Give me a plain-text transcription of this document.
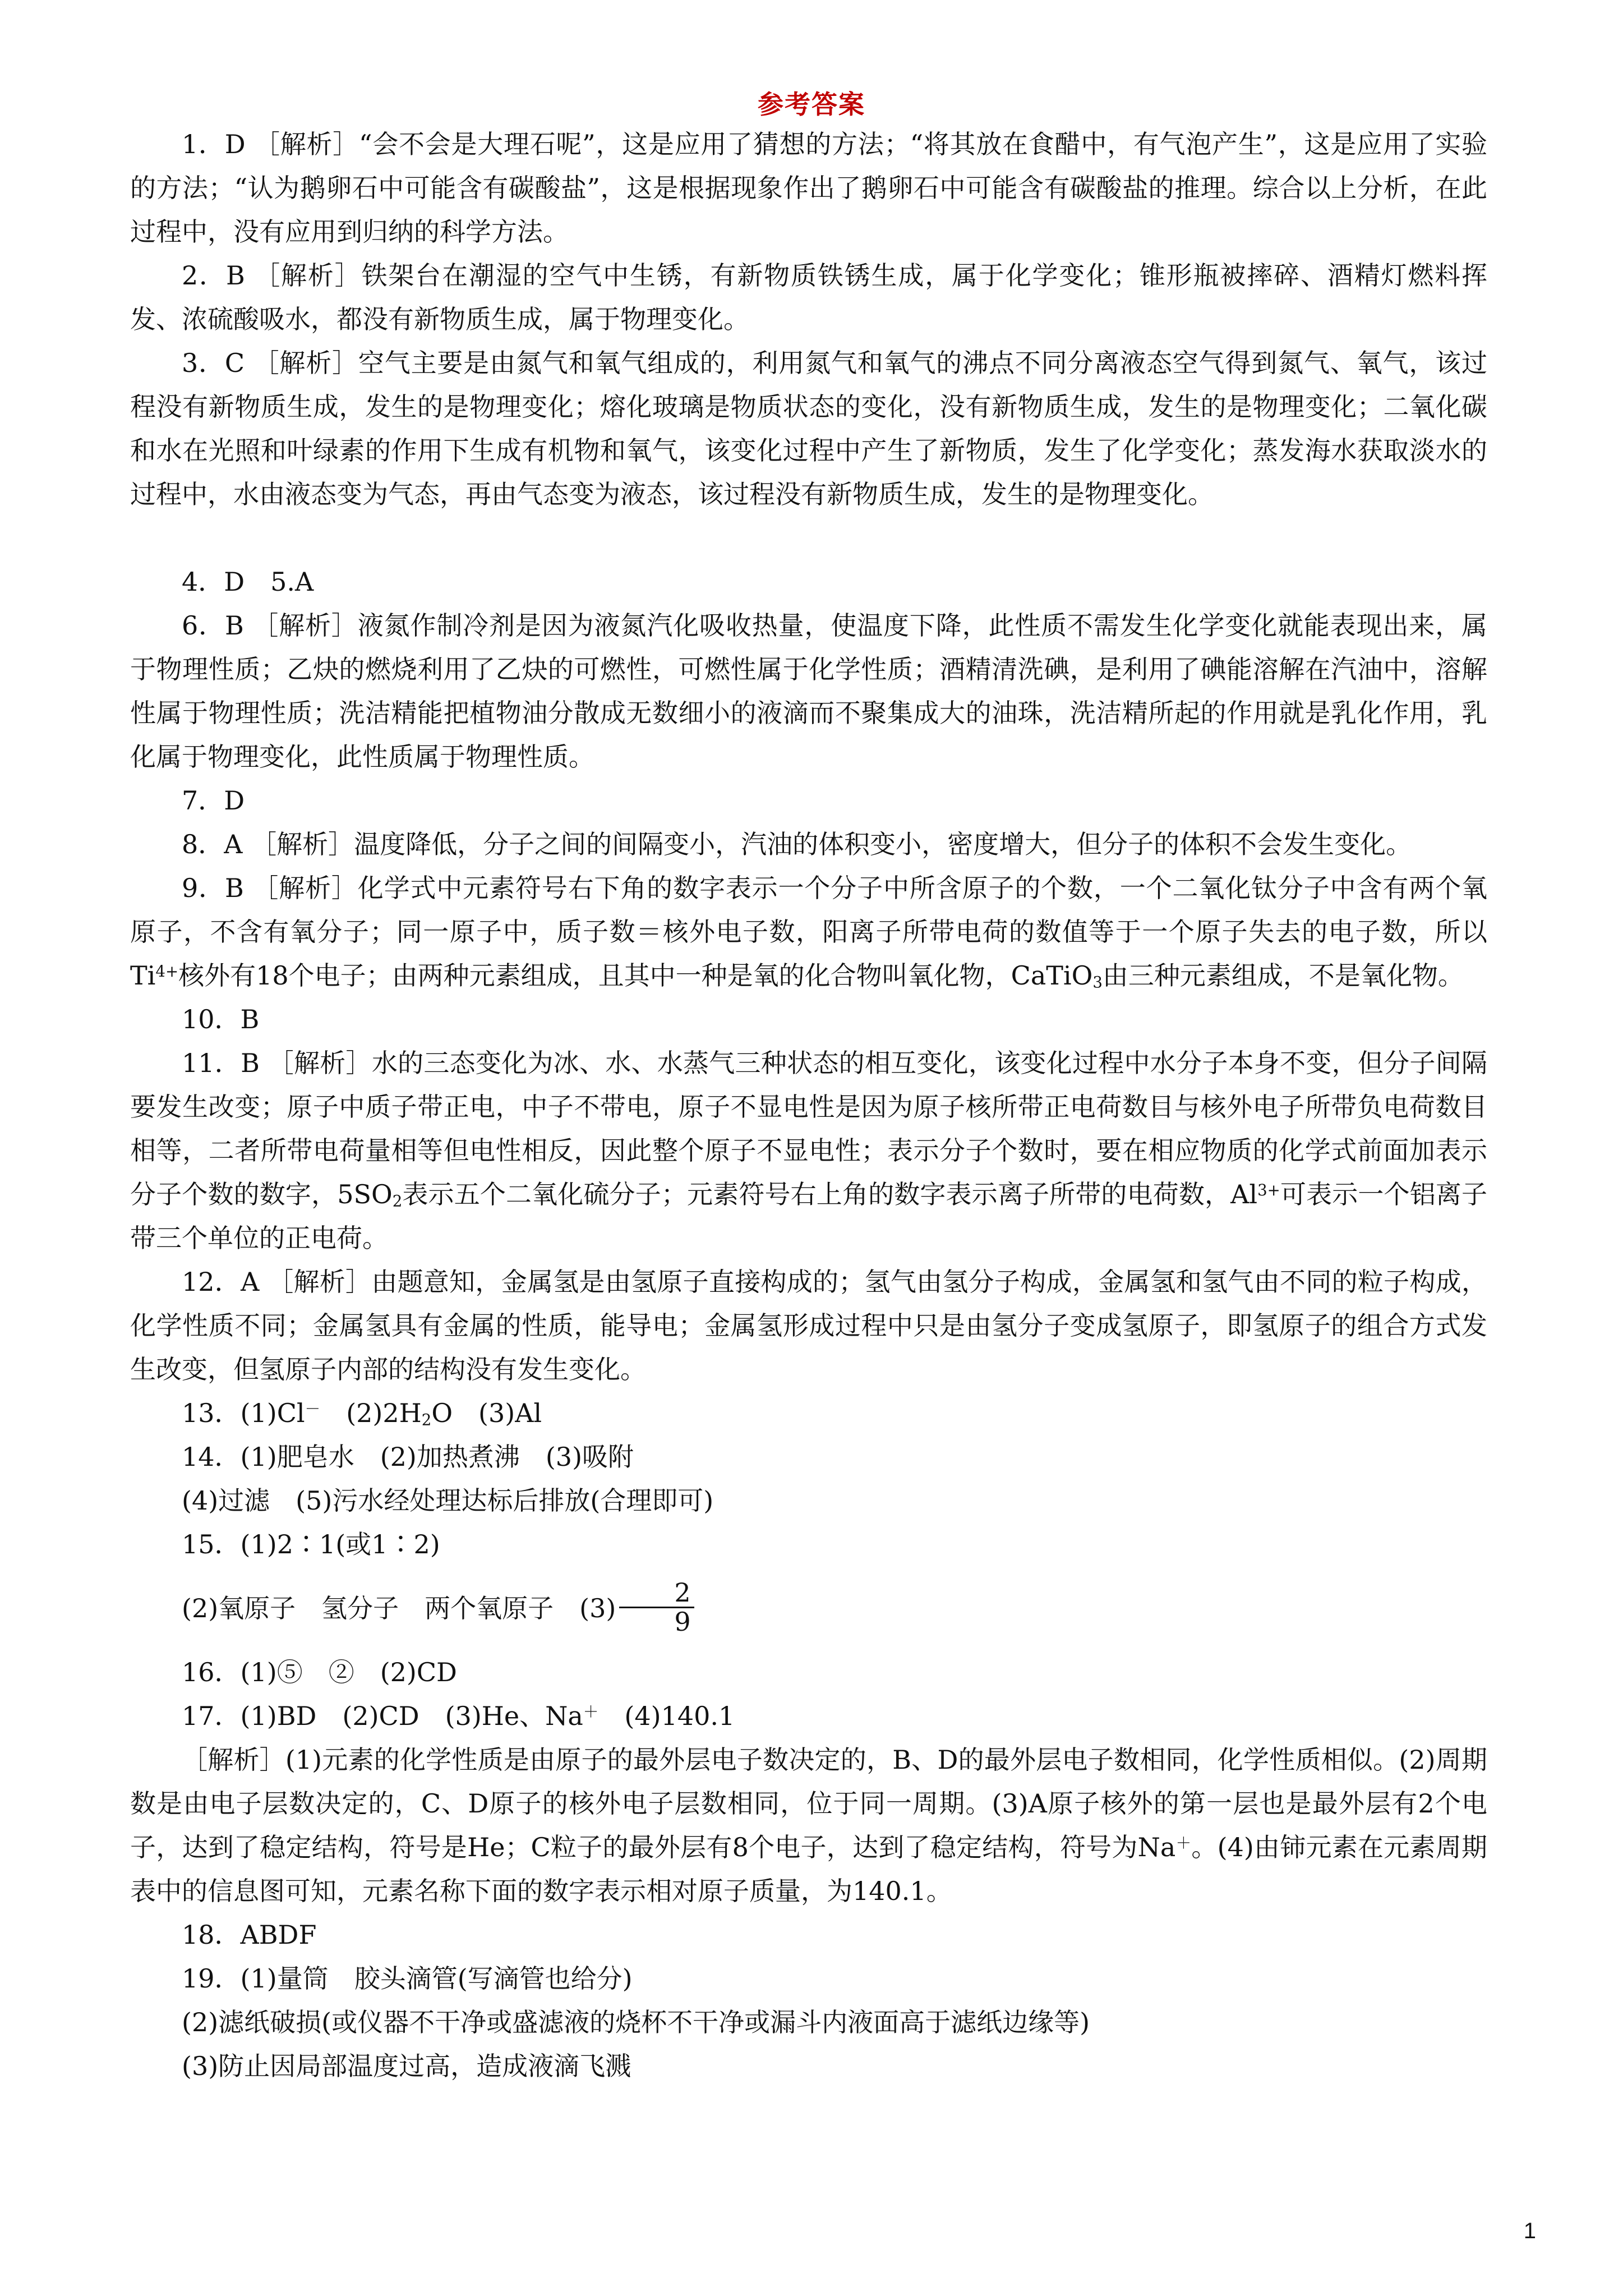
参考答案

1．D ［解析］“会不会是大理石呢”，这是应用了猜想的方法；“将其放在食醋中，有气泡产生”，这是应用了实验的方法；“认为鹅卵石中可能含有碳酸盐”，这是根据现象作出了鹅卵石中可能含有碳酸盐的推理。综合以上分析，在此过程中，没有应用到归纳的科学方法。

2．B ［解析］铁架台在潮湿的空气中生锈，有新物质铁锈生成，属于化学变化；锥形瓶被摔碎、酒精灯燃料挥发、浓硫酸吸水，都没有新物质生成，属于物理变化。

3．C ［解析］空气主要是由氮气和氧气组成的，利用氮气和氧气的沸点不同分离液态空气得到氮气、氧气，该过程没有新物质生成，发生的是物理变化；熔化玻璃是物质状态的变化，没有新物质生成，发生的是物理变化；二氧化碳和水在光照和叶绿素的作用下生成有机物和氧气，该变化过程中产生了新物质，发生了化学变化；蒸发海水获取淡水的过程中，水由液态变为气态，再由气态变为液态，该过程没有新物质生成，发生的是物理变化。

4．D　5.A

6．B ［解析］液氮作制冷剂是因为液氮汽化吸收热量，使温度下降，此性质不需发生化学变化就能表现出来，属于物理性质；乙炔的燃烧利用了乙炔的可燃性，可燃性属于化学性质；酒精清洗碘，是利用了碘能溶解在汽油中，溶解性属于物理性质；洗洁精能把植物油分散成无数细小的液滴而不聚集成大的油珠，洗洁精所起的作用就是乳化作用，乳化属于物理变化，此性质属于物理性质。

7．D

8．A ［解析］温度降低，分子之间的间隔变小，汽油的体积变小，密度增大，但分子的体积不会发生变化。

9．B ［解析］化学式中元素符号右下角的数字表示一个分子中所含原子的个数，一个二氧化钛分子中含有两个氧原子，不含有氧分子；同一原子中，质子数＝核外电子数，阳离子所带电荷的数值等于一个原子失去的电子数，所以$Ti^{4+}$核外有18个电子；由两种元素组成，且其中一种是氧的化合物叫氧化物，CaTiO$_3$由三种元素组成，不是氧化物。

10．B

11．B ［解析］水的三态变化为冰、水、水蒸气三种状态的相互变化，该变化过程中水分子本身不变，但分子间隔要发生改变；原子中质子带正电，中子不带电，原子不显电性是因为原子核所带正电荷数目与核外电子所带负电荷数目相等，二者所带电荷量相等但电性相反，因此整个原子不显电性；表示分子个数时，要在相应物质的化学式前面加表示分子个数的数字，$5SO_2$表示五个二氧化硫分子；元素符号右上角的数字表示离子所带的电荷数，$Al^{3+}$可表示一个铝离子带三个单位的正电荷。

12．A ［解析］由题意知，金属氢是由氢原子直接构成的；氢气由氢分子构成，金属氢和氢气由不同的粒子构成，化学性质不同；金属氢具有金属的性质，能导电；金属氢形成过程中只是由氢分子变成氢原子，即氢原子的组合方式发生改变，但氢原子内部的结构没有发生变化。

13．(1)Cl－　$(2)2H_2O$　(3)Al

14．(1)肥皂水　(2)加热煮沸　(3)吸附

(4)过滤　(5)污水经处理达标后排放(合理即可)

15．(1)2∶1(或1∶2)

(2)氧原子　氢分子　两个氧原子　$(3) \frac{2}{9}$

16．(1)⑤　②　(2)CD

17．(1)BD　(2)CD　(3)He、Na＋　(4)140.1

［解析］(1)元素的化学性质是由原子的最外层电子数决定的，B、D的最外层电子数相同，化学性质相似。(2)周期数是由电子层数决定的，C、D原子的核外电子层数相同，位于同一周期。(3)A原子核外的第一层也是最外层有2个电子，达到了稳定结构，符号是He；C粒子的最外层有8个电子，达到了稳定结构，符号为Na＋。(4)由铈元素在元素周期表中的信息图可知，元素名称下面的数字表示相对原子质量，为140.1。

18．ABDF

19．(1)量筒　胶头滴管(写滴管也给分)

(2)滤纸破损(或仪器不干净或盛滤液的烧杯不干净或漏斗内液面高于滤纸边缘等)

(3)防止因局部温度过高，造成液滴飞溅

1
